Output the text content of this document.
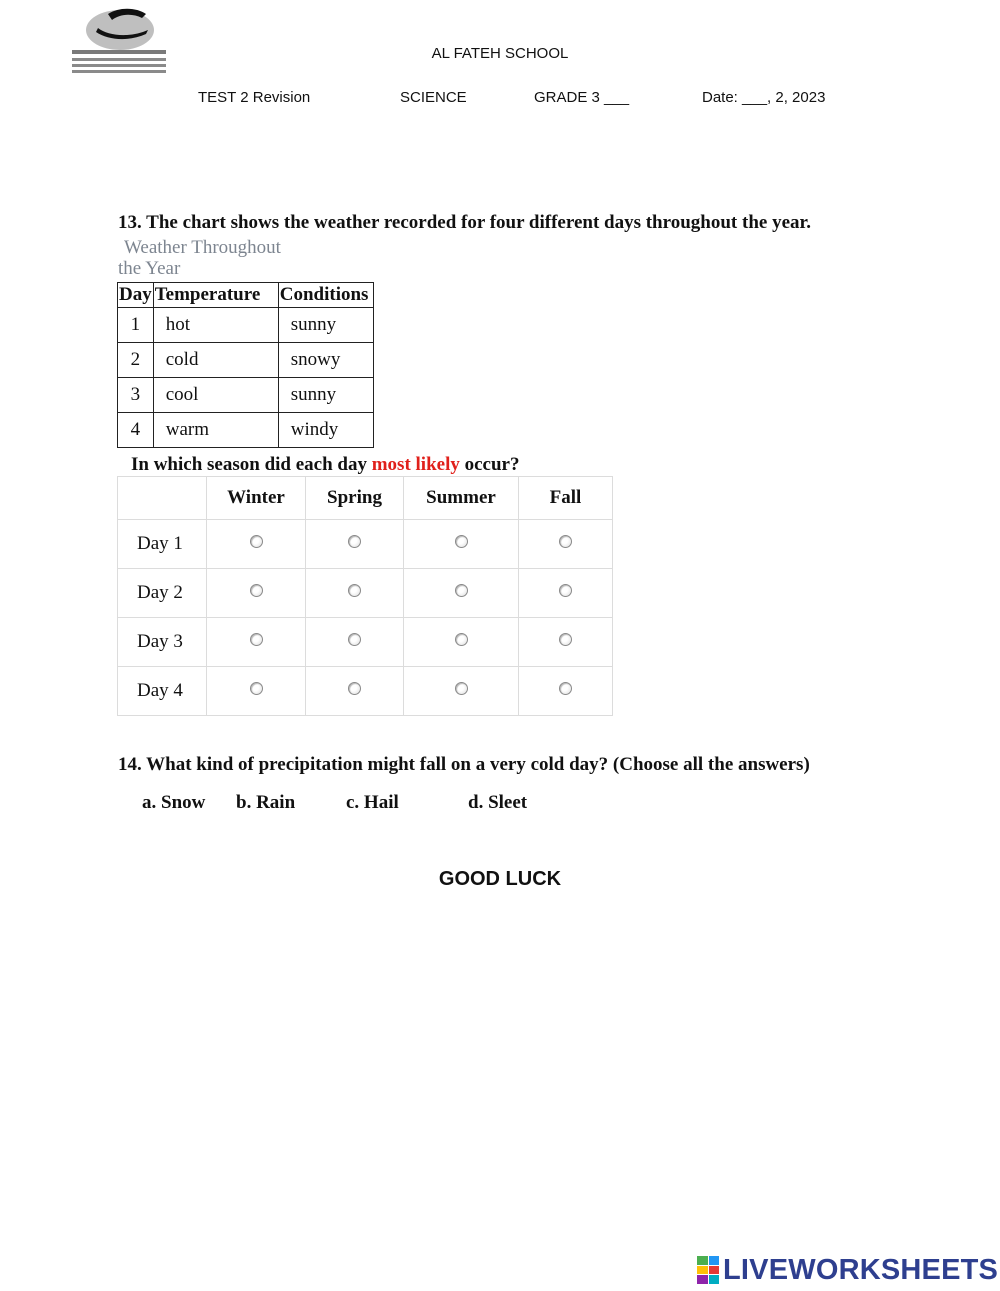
AL FATEH SCHOOL
TEST 2 Revision	SCIENCE	GRADE 3 ___	Date: ___, 2, 2023
13. The chart shows the weather recorded for four different days throughout the year.
Weather Throughout
the Year
Day	Temperature	Conditions
1	hot	sunny
2	cold	snowy
3	cool	sunny
4	warm	windy
In which season did each day most likely occur?
	Winter	Spring	Summer	Fall
Day 1				
Day 2				
Day 3				
Day 4				
14. What kind of precipitation might fall on a very cold day? (Choose all the answers)
a. Snow b. Rain	c. Hail	d. Sleet
GOOD LUCK
LIVEWORKSHEETS
